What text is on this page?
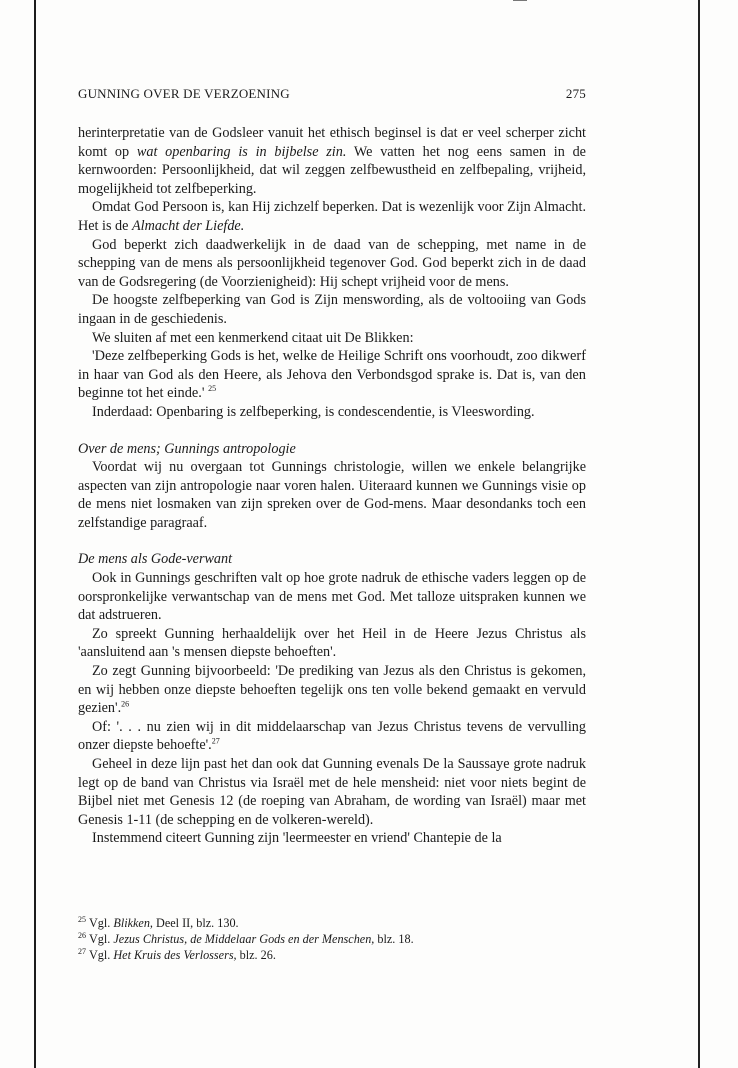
GUNNING OVER DE VERZOENING	275

herinterpretatie van de Godsleer vanuit het ethisch beginsel is dat er veel scherper zicht komt op wat openbaring is in bijbelse zin. We vatten het nog eens samen in de kernwoorden: Persoonlijkheid, dat wil zeggen zelfbewustheid en zelfbepaling, vrijheid, mogelijkheid tot zelfbeperking.

Omdat God Persoon is, kan Hij zichzelf beperken. Dat is wezenlijk voor Zijn Almacht. Het is de Almacht der Liefde.

God beperkt zich daadwerkelijk in de daad van de schepping, met name in de schepping van de mens als persoonlijkheid tegenover God. God beperkt zich in de daad van de Godsregering (de Voorzienigheid): Hij schept vrijheid voor de mens.

De hoogste zelfbeperking van God is Zijn menswording, als de voltooiing van Gods ingaan in de geschiedenis.

We sluiten af met een kenmerkend citaat uit De Blikken:

'Deze zelfbeperking Gods is het, welke de Heilige Schrift ons voorhoudt, zoo dikwerf in haar van God als den Heere, als Jehova den Verbondsgod sprake is. Dat is, van den beginne tot het einde.' $^{25}$

Inderdaad: Openbaring is zelfbeperking, is condescendentie, is Vleeswording.

Over de mens; Gunnings antropologie

Voordat wij nu overgaan tot Gunnings christologie, willen we enkele belangrijke aspecten van zijn antropologie naar voren halen. Uiteraard kunnen we Gunnings visie op de mens niet losmaken van zijn spreken over de God-mens. Maar desondanks toch een zelfstandige paragraaf.

De mens als Gode-verwant

Ook in Gunnings geschriften valt op hoe grote nadruk de ethische vaders leggen op de oorspronkelijke verwantschap van de mens met God. Met talloze uitspraken kunnen we dat adstrueren.

Zo spreekt Gunning herhaaldelijk over het Heil in de Heere Jezus Christus als 'aansluitend aan 's mensen diepste behoeften'.

Zo zegt Gunning bijvoorbeeld: 'De prediking van Jezus als den Christus is gekomen, en wij hebben onze diepste behoeften tegelijk ons ten volle bekend gemaakt en vervuld gezien'.$^{26}$

Of: '. . . nu zien wij in dit middelaarschap van Jezus Christus tevens de vervulling onzer diepste behoefte'.$^{27}$

Geheel in deze lijn past het dan ook dat Gunning evenals De la Saussaye grote nadruk legt op de band van Christus via Israël met de hele mensheid: niet voor niets begint de Bijbel niet met Genesis 12 (de roeping van Abraham, de wording van Israël) maar met Genesis 1-11 (de schepping en de volkeren-wereld).

Instemmend citeert Gunning zijn 'leermeester en vriend' Chantepie de la

$^{25}$ Vgl. Blikken, Deel II, blz. 130.
$^{26}$ Vgl. Jezus Christus, de Middelaar Gods en der Menschen, blz. 18.
$^{27}$ Vgl. Het Kruis des Verlossers, blz. 26.
